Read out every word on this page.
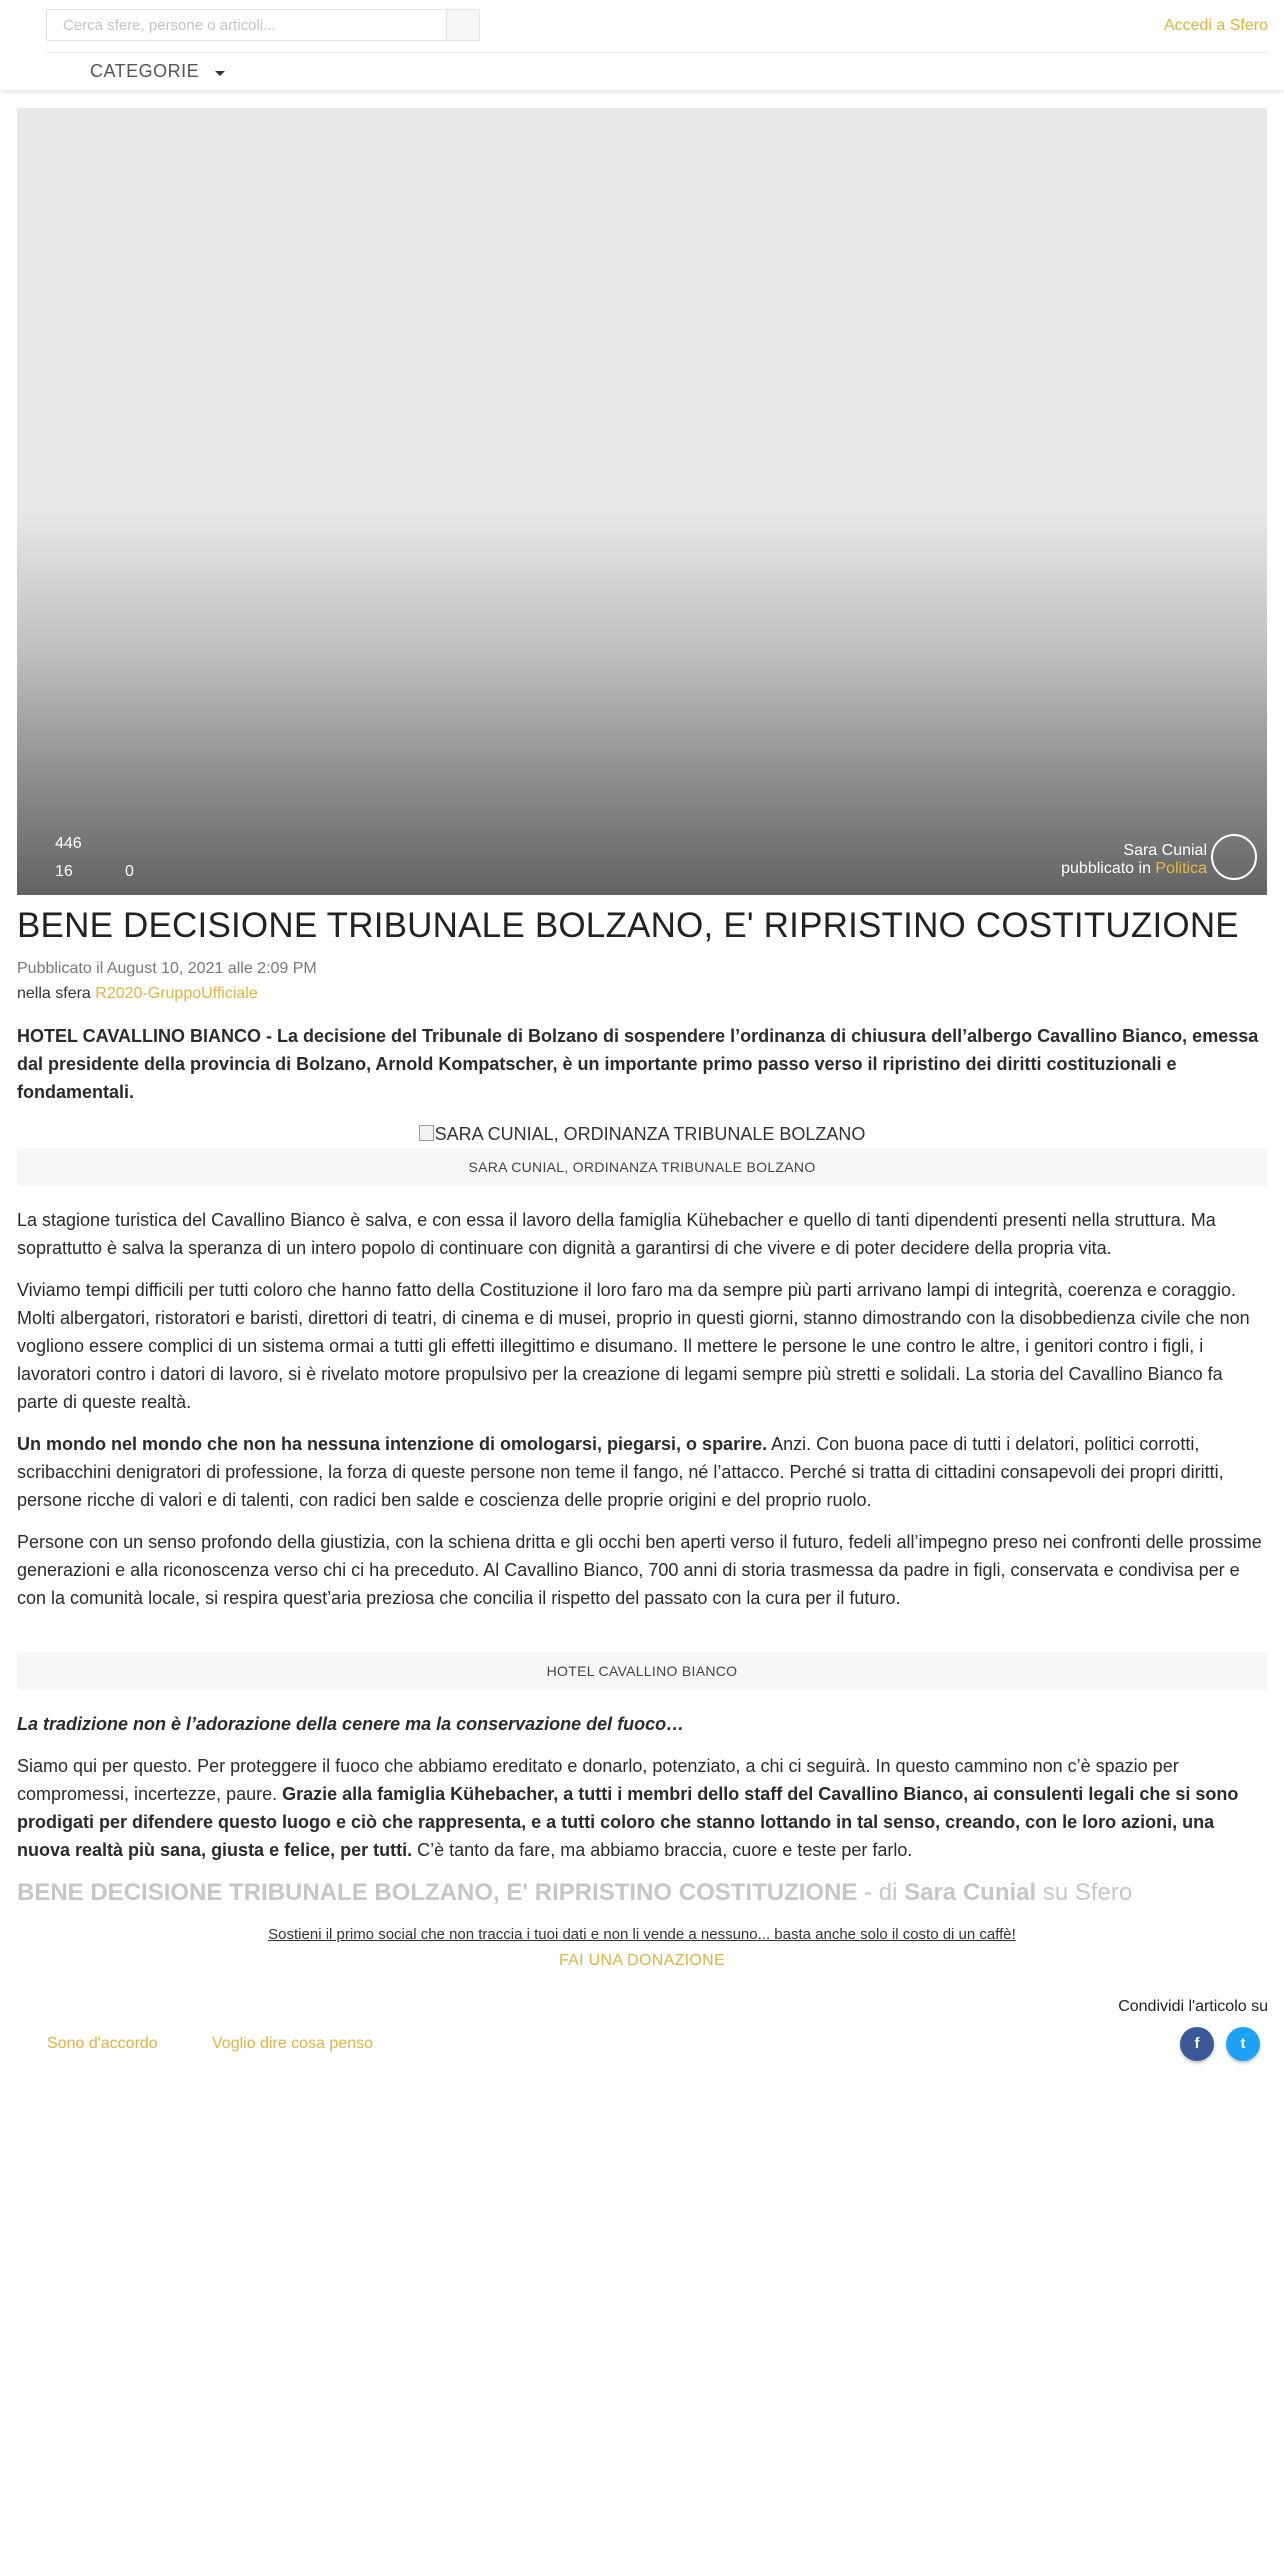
Cerca sfere, persone o articoli...
Accedi a Sfero
CATEGORIE
446
16	0
Sara Cunial
pubblicato in Politica
BENE DECISIONE TRIBUNALE BOLZANO, E' RIPRISTINO COSTITUZIONE
Pubblicato il August 10, 2021 alle 2:09 PM
nella sfera R2020-GruppoUfficiale

HOTEL CAVALLINO BIANCO - La decisione del Tribunale di Bolzano di sospendere l’ordinanza di chiusura dell’albergo Cavallino Bianco, emessa dal presidente della provincia di Bolzano, Arnold Kompatscher, è un importante primo passo verso il ripristino dei diritti costituzionali e fondamentali.

SARA CUNIAL, ORDINANZA TRIBUNALE BOLZANO
SARA CUNIAL, ORDINANZA TRIBUNALE BOLZANO

La stagione turistica del Cavallino Bianco è salva, e con essa il lavoro della famiglia Kühebacher e quello di tanti dipendenti presenti nella struttura. Ma soprattutto è salva la speranza di un intero popolo di continuare con dignità a garantirsi di che vivere e di poter decidere della propria vita.

Viviamo tempi difficili per tutti coloro che hanno fatto della Costituzione il loro faro ma da sempre più parti arrivano lampi di integrità, coerenza e coraggio. Molti albergatori, ristoratori e baristi, direttori di teatri, di cinema e di musei, proprio in questi giorni, stanno dimostrando con la disobbedienza civile che non vogliono essere complici di un sistema ormai a tutti gli effetti illegittimo e disumano. Il mettere le persone le une contro le altre, i genitori contro i figli, i lavoratori contro i datori di lavoro, si è rivelato motore propulsivo per la creazione di legami sempre più stretti e solidali. La storia del Cavallino Bianco fa parte di queste realtà.

Un mondo nel mondo che non ha nessuna intenzione di omologarsi, piegarsi, o sparire. Anzi. Con buona pace di tutti i delatori, politici corrotti, scribacchini denigratori di professione, la forza di queste persone non teme il fango, né l’attacco. Perché si tratta di cittadini consapevoli dei propri diritti, persone ricche di valori e di talenti, con radici ben salde e coscienza delle proprie origini e del proprio ruolo.

Persone con un senso profondo della giustizia, con la schiena dritta e gli occhi ben aperti verso il futuro, fedeli all’impegno preso nei confronti delle prossime generazioni e alla riconoscenza verso chi ci ha preceduto. Al Cavallino Bianco, 700 anni di storia trasmessa da padre in figli, conservata e condivisa per e con la comunità locale, si respira quest’aria preziosa che concilia il rispetto del passato con la cura per il futuro.

HOTEL CAVALLINO BIANCO

La tradizione non è l’adorazione della cenere ma la conservazione del fuoco…

Siamo qui per questo. Per proteggere il fuoco che abbiamo ereditato e donarlo, potenziato, a chi ci seguirà. In questo cammino non c’è spazio per compromessi, incertezze, paure. Grazie alla famiglia Kühebacher, a tutti i membri dello staff del Cavallino Bianco, ai consulenti legali che si sono prodigati per difendere questo luogo e ciò che rappresenta, e a tutti coloro che stanno lottando in tal senso, creando, con le loro azioni, una nuova realtà più sana, giusta e felice, per tutti. C’è tanto da fare, ma abbiamo braccia, cuore e teste per farlo.

BENE DECISIONE TRIBUNALE BOLZANO, E' RIPRISTINO COSTITUZIONE - di Sara Cunial su Sfero
Sostieni il primo social che non traccia i tuoi dati e non li vende a nessuno... basta anche solo il costo di un caffè!
FAI UNA DONAZIONE
Condividi l'articolo su
Sono d'accordo	Voglio dire cosa penso	f	t
